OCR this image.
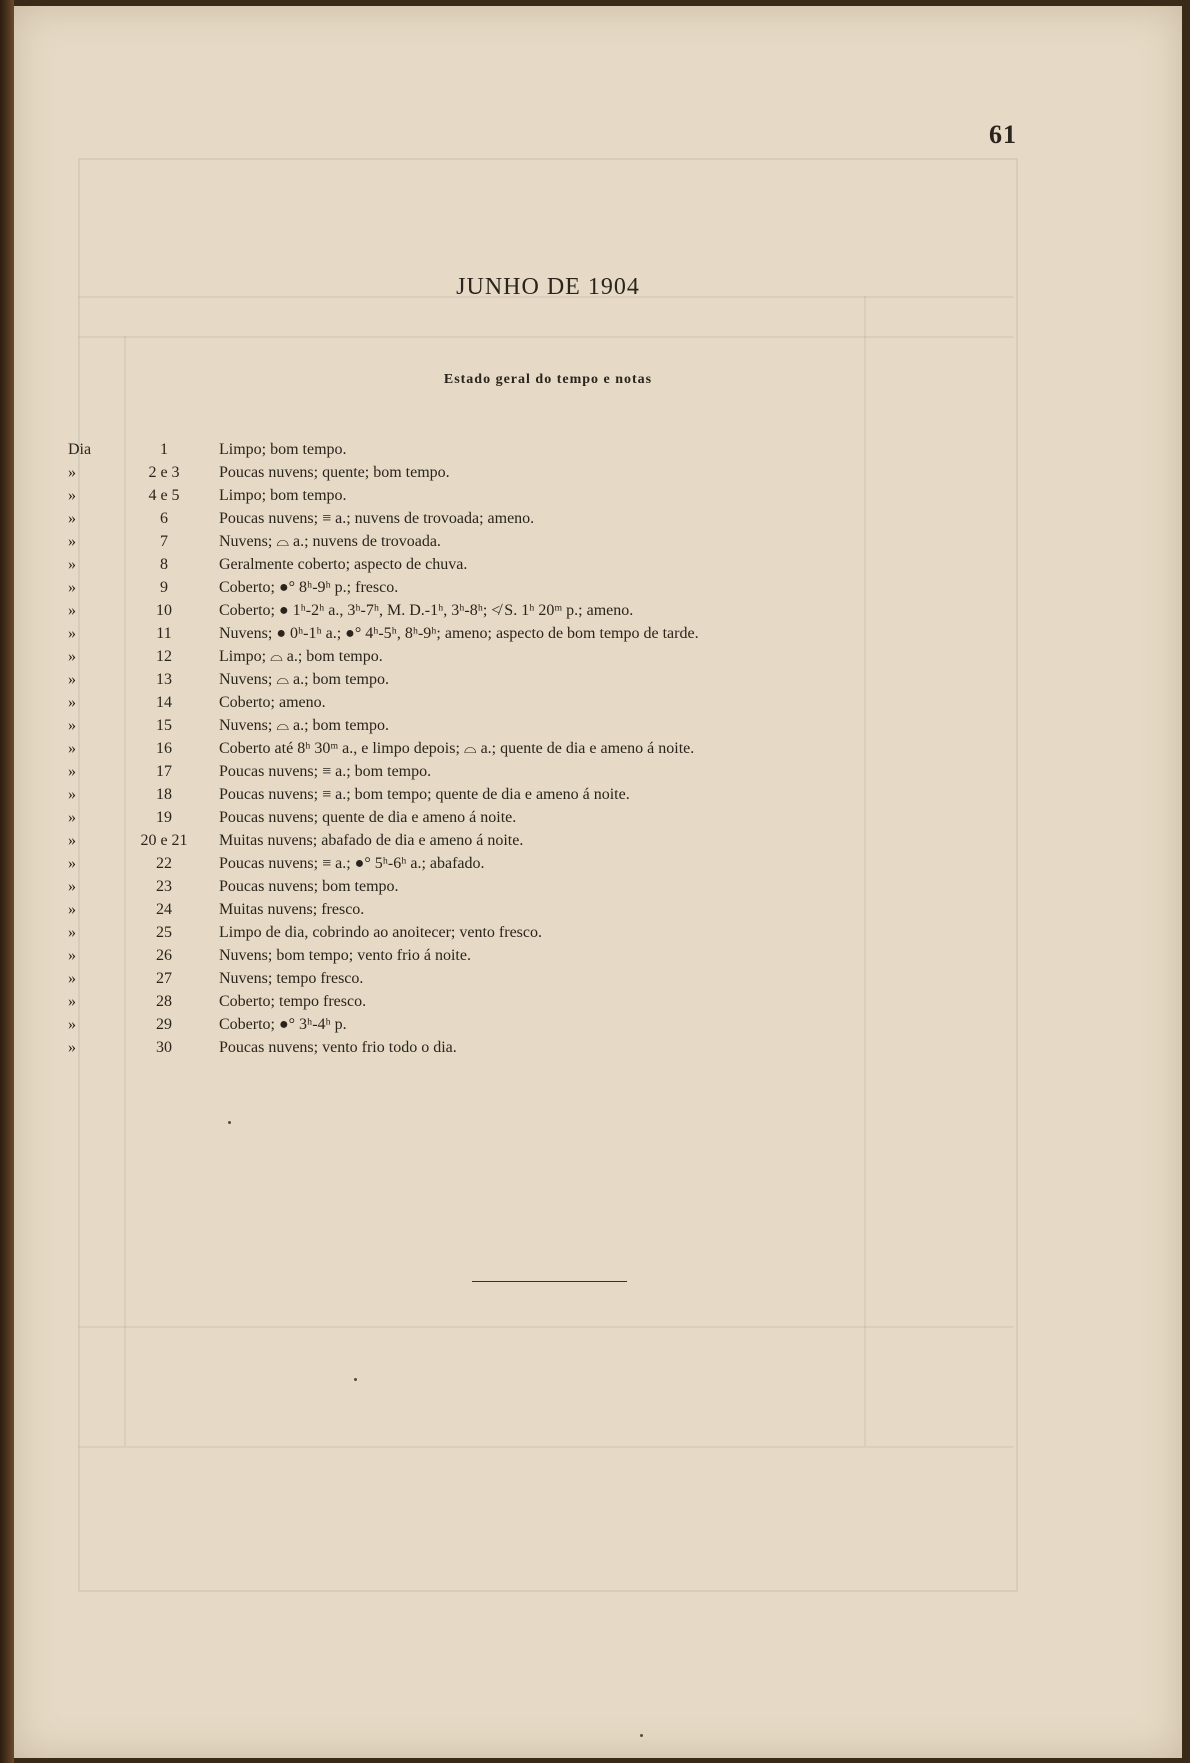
61
JUNHO DE 1904
Estado geral do tempo e notas
Dia	1	Limpo; bom tempo.
»	2 e 3	Poucas nuvens; quente; bom tempo.
»	4 e 5	Limpo; bom tempo.
»	6	Poucas nuvens; ≡ a.; nuvens de trovoada; ameno.
»	7	Nuvens; ⌓ a.; nuvens de trovoada.
»	8	Geralmente coberto; aspecto de chuva.
»	9	Coberto; ●° 8ʰ-9ʰ p.; fresco.
»	10	Coberto; ● 1ʰ-2ʰ a., 3ʰ-7ʰ, M. D.-1ʰ, 3ʰ-8ʰ; ≮ S. 1ʰ 20ᵐ p.; ameno.
»	11	Nuvens; ● 0ʰ-1ʰ a.; ●° 4ʰ-5ʰ, 8ʰ-9ʰ; ameno; aspecto de bom tempo de tarde.
»	12	Limpo; ⌓ a.; bom tempo.
»	13	Nuvens; ⌓ a.; bom tempo.
»	14	Coberto; ameno.
»	15	Nuvens; ⌓ a.; bom tempo.
»	16	Coberto até 8ʰ 30ᵐ a., e limpo depois; ⌓ a.; quente de dia e ameno á noite.
»	17	Poucas nuvens; ≡ a.; bom tempo.
»	18	Poucas nuvens; ≡ a.; bom tempo; quente de dia e ameno á noite.
»	19	Poucas nuvens; quente de dia e ameno á noite.
»	20 e 21	Muitas nuvens; abafado de dia e ameno á noite.
»	22	Poucas nuvens; ≡ a.; ●° 5ʰ-6ʰ a.; abafado.
»	23	Poucas nuvens; bom tempo.
»	24	Muitas nuvens; fresco.
»	25	Limpo de dia, cobrindo ao anoitecer; vento fresco.
»	26	Nuvens; bom tempo; vento frio á noite.
»	27	Nuvens; tempo fresco.
»	28	Coberto; tempo fresco.
»	29	Coberto; ●° 3ʰ-4ʰ p.
»	30	Poucas nuvens; vento frio todo o dia.
